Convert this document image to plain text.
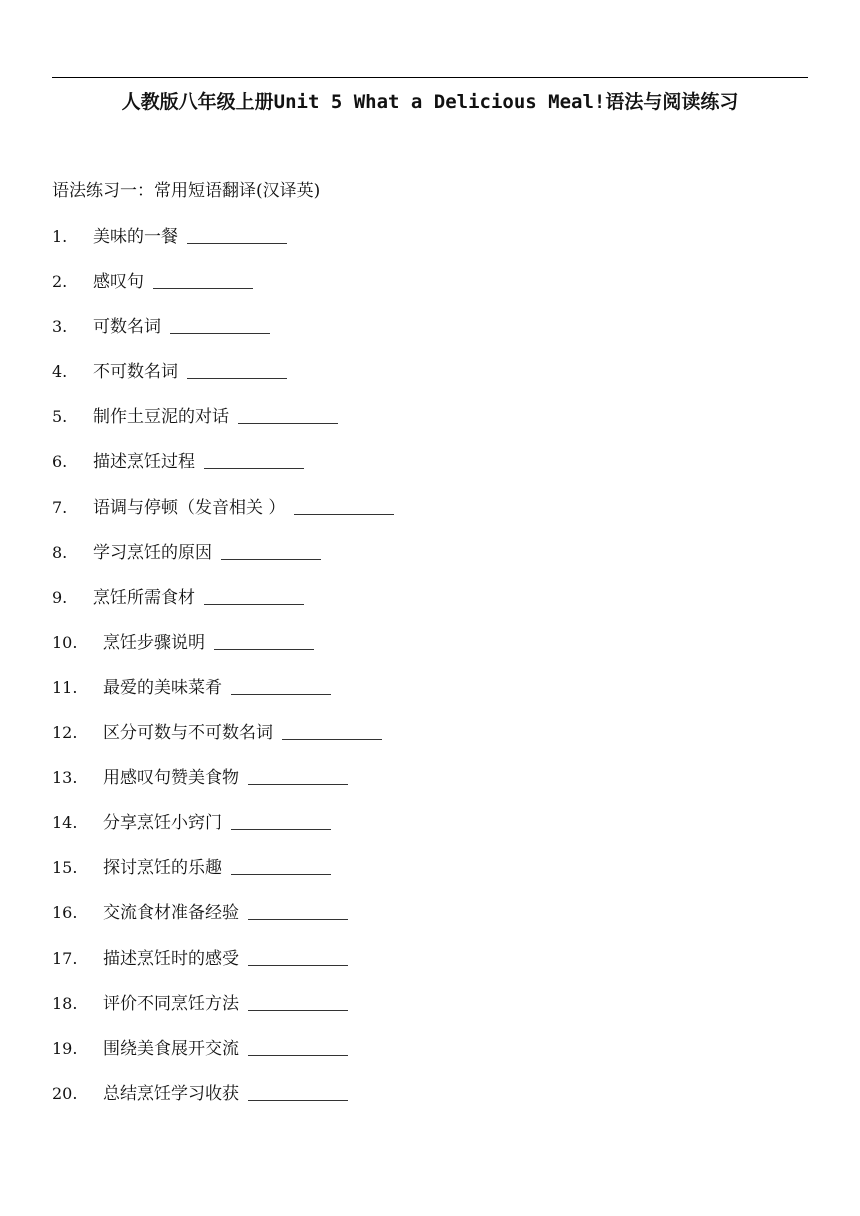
人教版八年级上册Unit 5 What a Delicious Meal!语法与阅读练习
语法练习一：常用短语翻译(汉译英)
1.	美味的一餐
2.	感叹句
3.	可数名词
4.	不可数名词
5.	制作土豆泥的对话
6.	描述烹饪过程
7.	语调与停顿（发音相关 ）
8.	学习烹饪的原因
9.	烹饪所需食材
10.	烹饪步骤说明
11.	最爱的美味菜肴
12.	区分可数与不可数名词
13.	用感叹句赞美食物
14.	分享烹饪小窍门
15.	探讨烹饪的乐趣
16.	交流食材准备经验
17.	描述烹饪时的感受
18.	评价不同烹饪方法
19.	围绕美食展开交流
20.	总结烹饪学习收获
